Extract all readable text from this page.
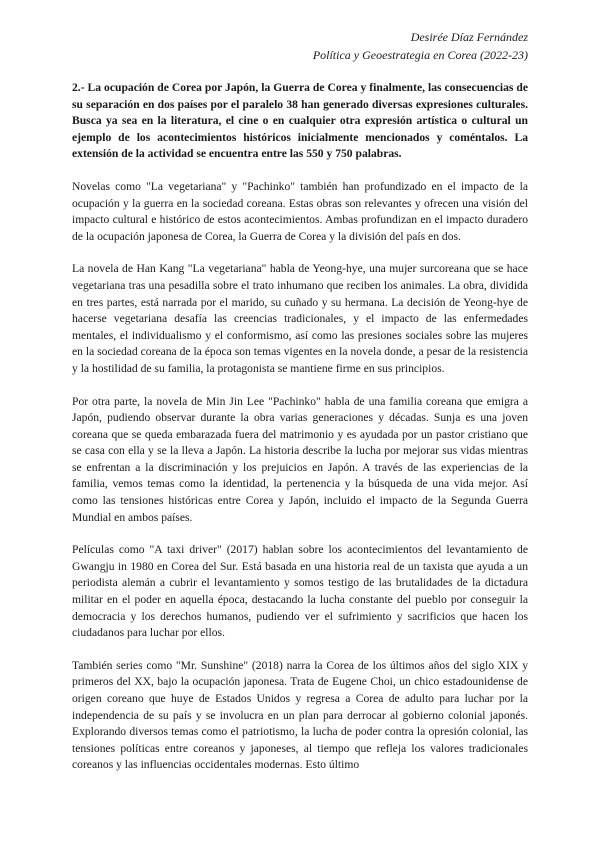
Desirée Díaz Fernández
Política y Geoestrategia en Corea (2022-23)

2.- La ocupación de Corea por Japón, la Guerra de Corea y finalmente, las consecuencias de su separación en dos países por el paralelo 38 han generado diversas expresiones culturales. Busca ya sea en la literatura, el cine o en cualquier otra expresión artística o cultural un ejemplo de los acontecimientos históricos inicialmente mencionados y coméntalos. La extensión de la actividad se encuentra entre las 550 y 750 palabras.

Novelas como "La vegetariana" y "Pachinko" también han profundizado en el impacto de la ocupación y la guerra en la sociedad coreana. Estas obras son relevantes y ofrecen una visión del impacto cultural e histórico de estos acontecimientos. Ambas profundizan en el impacto duradero de la ocupación japonesa de Corea, la Guerra de Corea y la división del país en dos.

La novela de Han Kang "La vegetariana" habla de Yeong-hye, una mujer surcoreana que se hace vegetariana tras una pesadilla sobre el trato inhumano que reciben los animales. La obra, dividida en tres partes, está narrada por el marido, su cuñado y su hermana. La decisión de Yeong-hye de hacerse vegetariana desafía las creencias tradicionales, y el impacto de las enfermedades mentales, el individualismo y el conformismo, así como las presiones sociales sobre las mujeres en la sociedad coreana de la época son temas vigentes en la novela donde, a pesar de la resistencia y la hostilidad de su familia, la protagonista se mantiene firme en sus principios.

Por otra parte, la novela de Min Jin Lee "Pachinko" habla de una familia coreana que emigra a Japón, pudiendo observar durante la obra varias generaciones y décadas. Sunja es una joven coreana que se queda embarazada fuera del matrimonio y es ayudada por un pastor cristiano que se casa con ella y se la lleva a Japón. La historia describe la lucha por mejorar sus vidas mientras se enfrentan a la discriminación y los prejuicios en Japón. A través de las experiencias de la familia, vemos temas como la identidad, la pertenencia y la búsqueda de una vida mejor. Así como las tensiones históricas entre Corea y Japón, incluido el impacto de la Segunda Guerra Mundial en ambos países.

Películas como "A taxi driver" (2017) hablan sobre los acontecimientos del levantamiento de Gwangju in 1980 en Corea del Sur. Está basada en una historia real de un taxista que ayuda a un periodista alemán a cubrir el levantamiento y somos testigo de las brutalidades de la dictadura militar en el poder en aquella época, destacando la lucha constante del pueblo por conseguir la democracia y los derechos humanos, pudiendo ver el sufrimiento y sacrificios que hacen los ciudadanos para luchar por ellos.

También series como "Mr. Sunshine" (2018) narra la Corea de los últimos años del siglo XIX y primeros del XX, bajo la ocupación japonesa. Trata de Eugene Choi, un chico estadounidense de origen coreano que huye de Estados Unidos y regresa a Corea de adulto para luchar por la independencia de su país y se involucra en un plan para derrocar al gobierno colonial japonés. Explorando diversos temas como el patriotismo, la lucha de poder contra la opresión colonial, las tensiones políticas entre coreanos y japoneses, al tiempo que refleja los valores tradicionales coreanos y las influencias occidentales modernas. Esto último
